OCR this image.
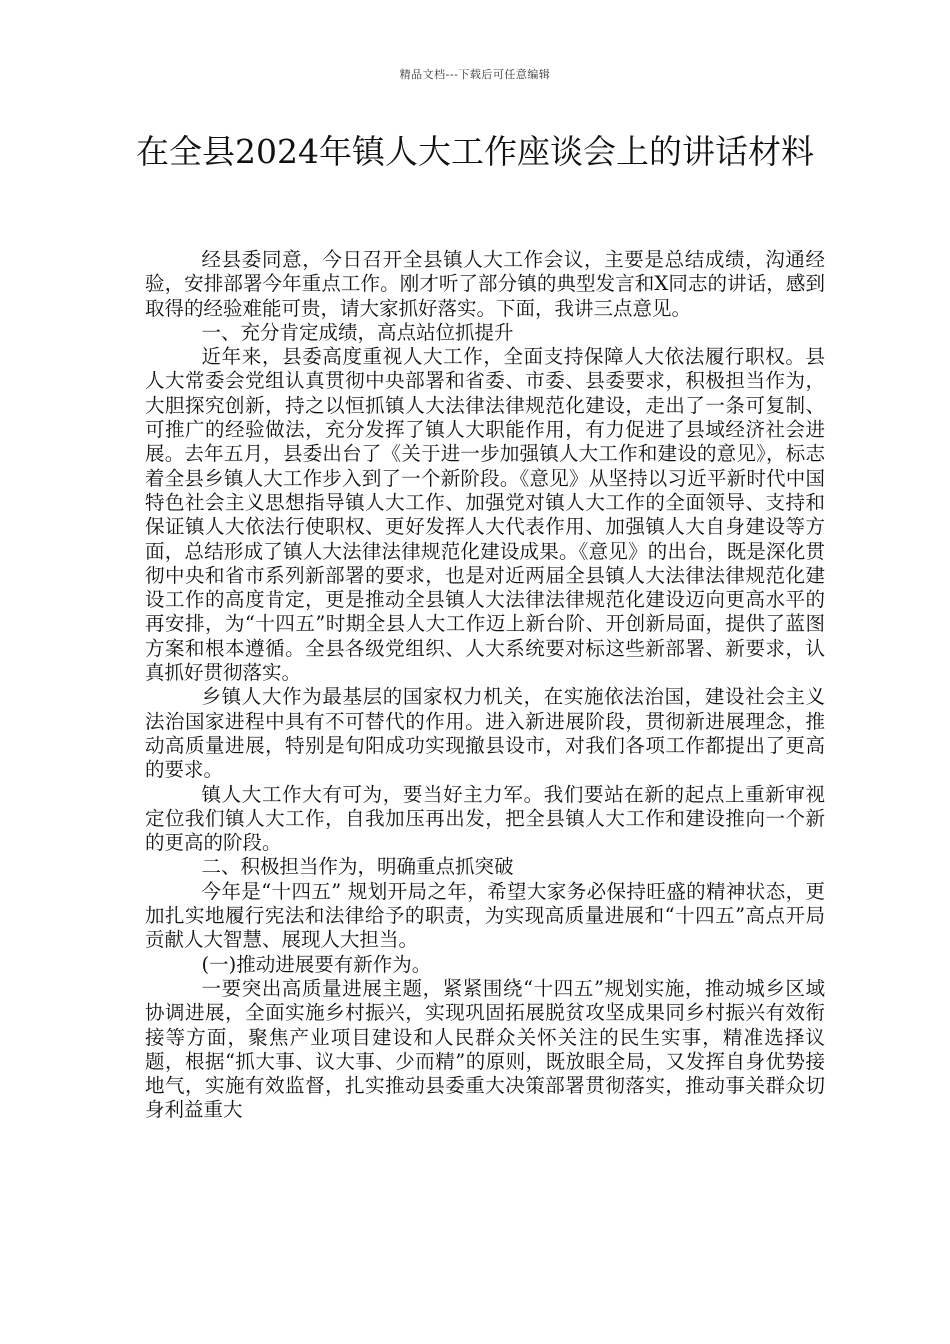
精品文档---下载后可任意编辑
在全县2024年镇人大工作座谈会上的讲话材料

经县委同意，今日召开全县镇人大工作会议，主要是总结成绩，沟通经验，安排部署今年重点工作。刚才听了部分镇的典型发言和X同志的讲话，感到取得的经验难能可贵，请大家抓好落实。下面，我讲三点意见。

一、充分肯定成绩，高点站位抓提升

近年来，县委高度重视人大工作，全面支持保障人大依法履行职权。县人大常委会党组认真贯彻中央部署和省委、市委、县委要求，积极担当作为，大胆探究创新，持之以恒抓镇人大法律法律规范化建设，走出了一条可复制、可推广的经验做法，充分发挥了镇人大职能作用，有力促进了县域经济社会进展。去年五月，县委出台了《关于进一步加强镇人大工作和建设的意见》，标志着全县乡镇人大工作步入到了一个新阶段。《意见》从坚持以习近平新时代中国特色社会主义思想指导镇人大工作、加强党对镇人大工作的全面领导、支持和保证镇人大依法行使职权、更好发挥人大代表作用、加强镇人大自身建设等方面，总结形成了镇人大法律法律规范化建设成果。《意见》的出台，既是深化贯彻中央和省市系列新部署的要求，也是对近两届全县镇人大法律法律规范化建设工作的高度肯定，更是推动全县镇人大法律法律规范化建设迈向更高水平的再安排，为“十四五”时期全县人大工作迈上新台阶、开创新局面，提供了蓝图方案和根本遵循。全县各级党组织、人大系统要对标这些新部署、新要求，认真抓好贯彻落实。

乡镇人大作为最基层的国家权力机关，在实施依法治国，建设社会主义法治国家进程中具有不可替代的作用。进入新进展阶段，贯彻新进展理念，推动高质量进展，特别是旬阳成功实现撤县设市，对我们各项工作都提出了更高的要求。

镇人大工作大有可为，要当好主力军。我们要站在新的起点上重新审视定位我们镇人大工作，自我加压再出发，把全县镇人大工作和建设推向一个新的更高的阶段。

二、积极担当作为，明确重点抓突破

今年是“十四五” 规划开局之年，希望大家务必保持旺盛的精神状态，更加扎实地履行宪法和法律给予的职责，为实现高质量进展和“十四五”高点开局贡献人大智慧、展现人大担当。

(一)推动进展要有新作为。

一要突出高质量进展主题，紧紧围绕“十四五”规划实施，推动城乡区域协调进展，全面实施乡村振兴，实现巩固拓展脱贫攻坚成果同乡村振兴有效衔接等方面，聚焦产业项目建设和人民群众关怀关注的民生实事，精准选择议题，根据“抓大事、议大事、少而精”的原则，既放眼全局，又发挥自身优势接地气，实施有效监督，扎实推动县委重大决策部署贯彻落实，推动事关群众切身利益重大
